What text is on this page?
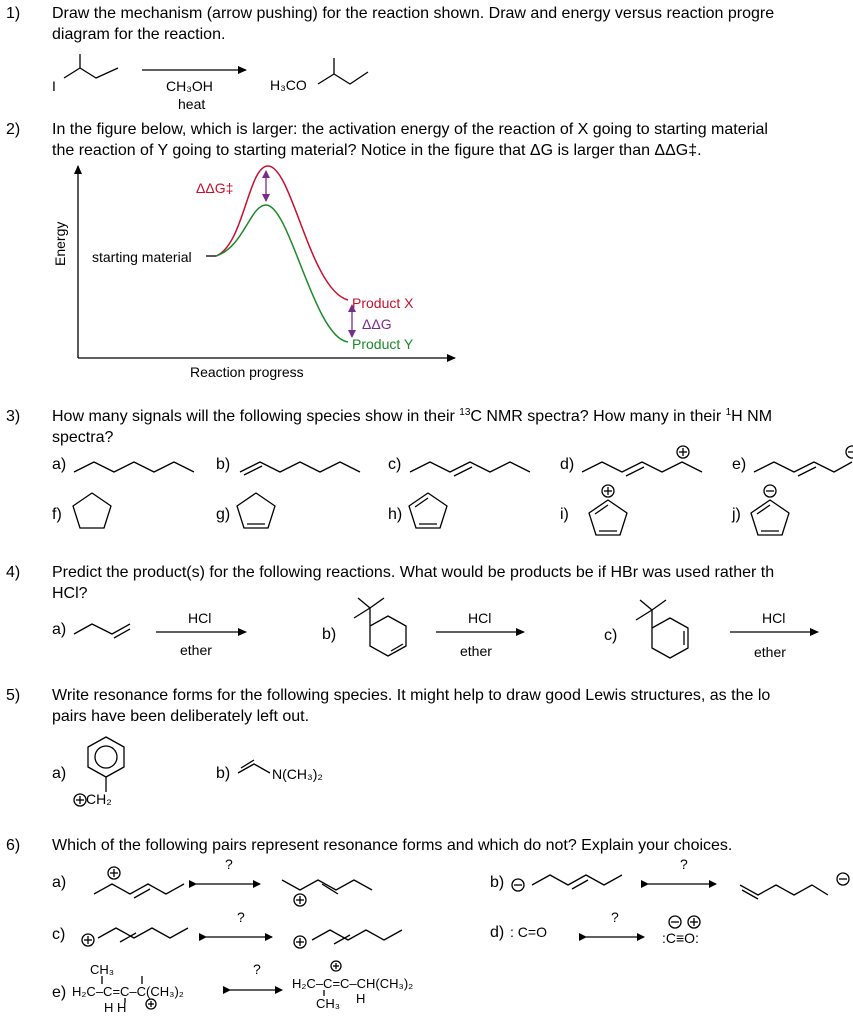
1) Draw the mechanism (arrow pushing) for the reaction shown. Draw and energy versus reaction progre
diagram for the reaction.
I	CH₃OH
heat
H₃CO
2) In the figure below, which is larger: the activation energy of the reaction of X going to starting material
the reaction of Y going to starting material? Notice in the figure that ΔG is larger than ΔΔG‡.
ΔΔG‡
Energy starting material
Product X
ΔΔG
Product Y
Reaction progress
3) How many signals will the following species show in their $^{13}$C NMR spectra? How many in their $^1$H NM
spectra?
a)	b)	c)	d)	e)
f)	g)	h)	i)	j)
4) Predict the product(s) for the following reactions. What would be products be if HBr was used rather th
HCl?
a)
HCl
ether
b)
HCl
ether
c)
HCl
ether
5) Write resonance forms for the following species. It might help to draw good Lewis structures, as the lo
pairs have been deliberately left out.
a)
CH₂
b)	N(CH₃)₂
6) Which of the following pairs represent resonance forms and which do not? Explain your choices.
?	?
a)	b)
?	?
c)	d) : C=O	:C≡O:
?
CH₃
e) H₂C–C=C–C(CH₃)₂
H H
H₂C–C=C–CH(CH₃)₂
H
CH₃
